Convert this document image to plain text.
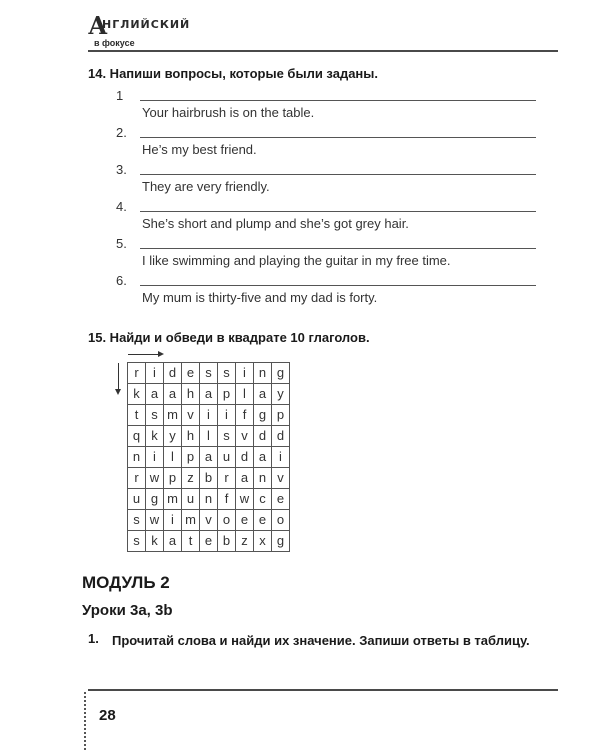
А
НГЛИЙСКИЙ
в фокусе
14. Напиши вопросы, которые были заданы.
1
Your hairbrush is on the table.
2.
He’s my best friend.
3.
They are very friendly.
4.
She’s short and plump and she’s got grey hair.
5.
I like swimming and playing the guitar in my free time.
6.
My mum is thirty-five and my dad is forty.
15. Найди и обведи в квадрате 10 глаголов.
r	i	d	e	s	s	i	n	g
k	a	a	h	a	p	l	a	y
t	s	m	v	i	i	f	g	p
q	k	y	h	l	s	v	d	d
n	i	l	p	a	u	d	a	i
r	w	p	z	b	r	a	n	v
u	g	m	u	n	f	w	c	e
s	w	i	m	v	o	e	e	o
s	k	a	t	e	b	z	x	g
МОДУЛЬ 2
Уроки 3a, 3b
1. Прочитай слова и найди их значение. Запиши ответы в таблицу.
28
